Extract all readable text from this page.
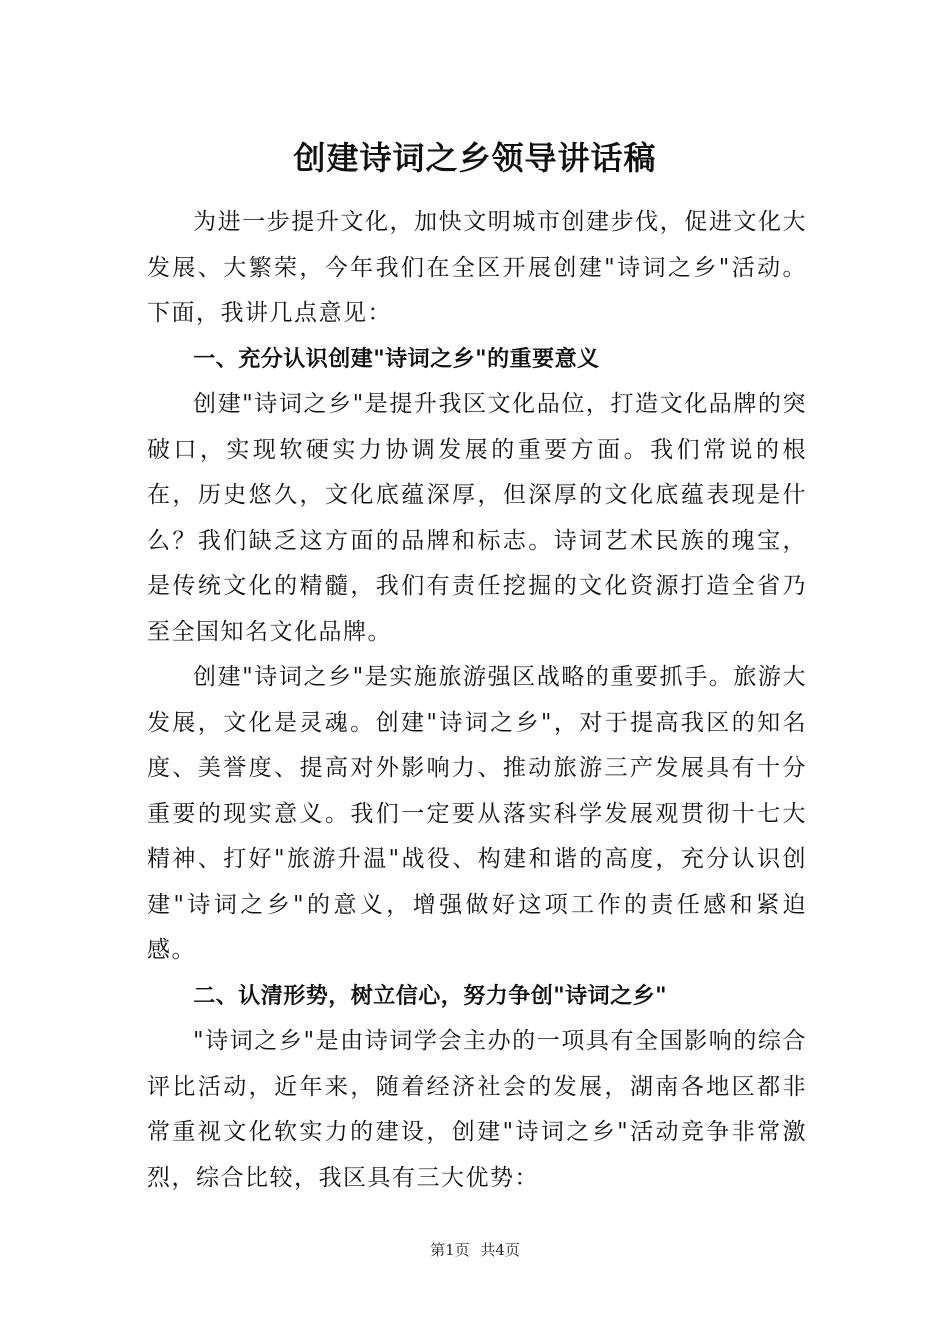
创建诗词之乡领导讲话稿

为进一步提升文化，加快文明城市创建步伐，促进文化大发展、大繁荣，今年我们在全区开展创建"诗词之乡"活动。下面，我讲几点意见：

一、充分认识创建"诗词之乡"的重要意义

创建"诗词之乡"是提升我区文化品位，打造文化品牌的突破口，实现软硬实力协调发展的重要方面。我们常说的根在，历史悠久，文化底蕴深厚，但深厚的文化底蕴表现是什么？我们缺乏这方面的品牌和标志。诗词艺术民族的瑰宝，是传统文化的精髓，我们有责任挖掘的文化资源打造全省乃至全国知名文化品牌。

创建"诗词之乡"是实施旅游强区战略的重要抓手。旅游大发展，文化是灵魂。创建"诗词之乡"，对于提高我区的知名度、美誉度、提高对外影响力、推动旅游三产发展具有十分重要的现实意义。我们一定要从落实科学发展观贯彻十七大精神、打好"旅游升温"战役、构建和谐的高度，充分认识创建"诗词之乡"的意义，增强做好这项工作的责任感和紧迫感。

二、认清形势，树立信心，努力争创"诗词之乡"

"诗词之乡"是由诗词学会主办的一项具有全国影响的综合评比活动，近年来，随着经济社会的发展，湖南各地区都非常重视文化软实力的建设，创建"诗词之乡"活动竞争非常激烈，综合比较，我区具有三大优势：

第1页 共4页
